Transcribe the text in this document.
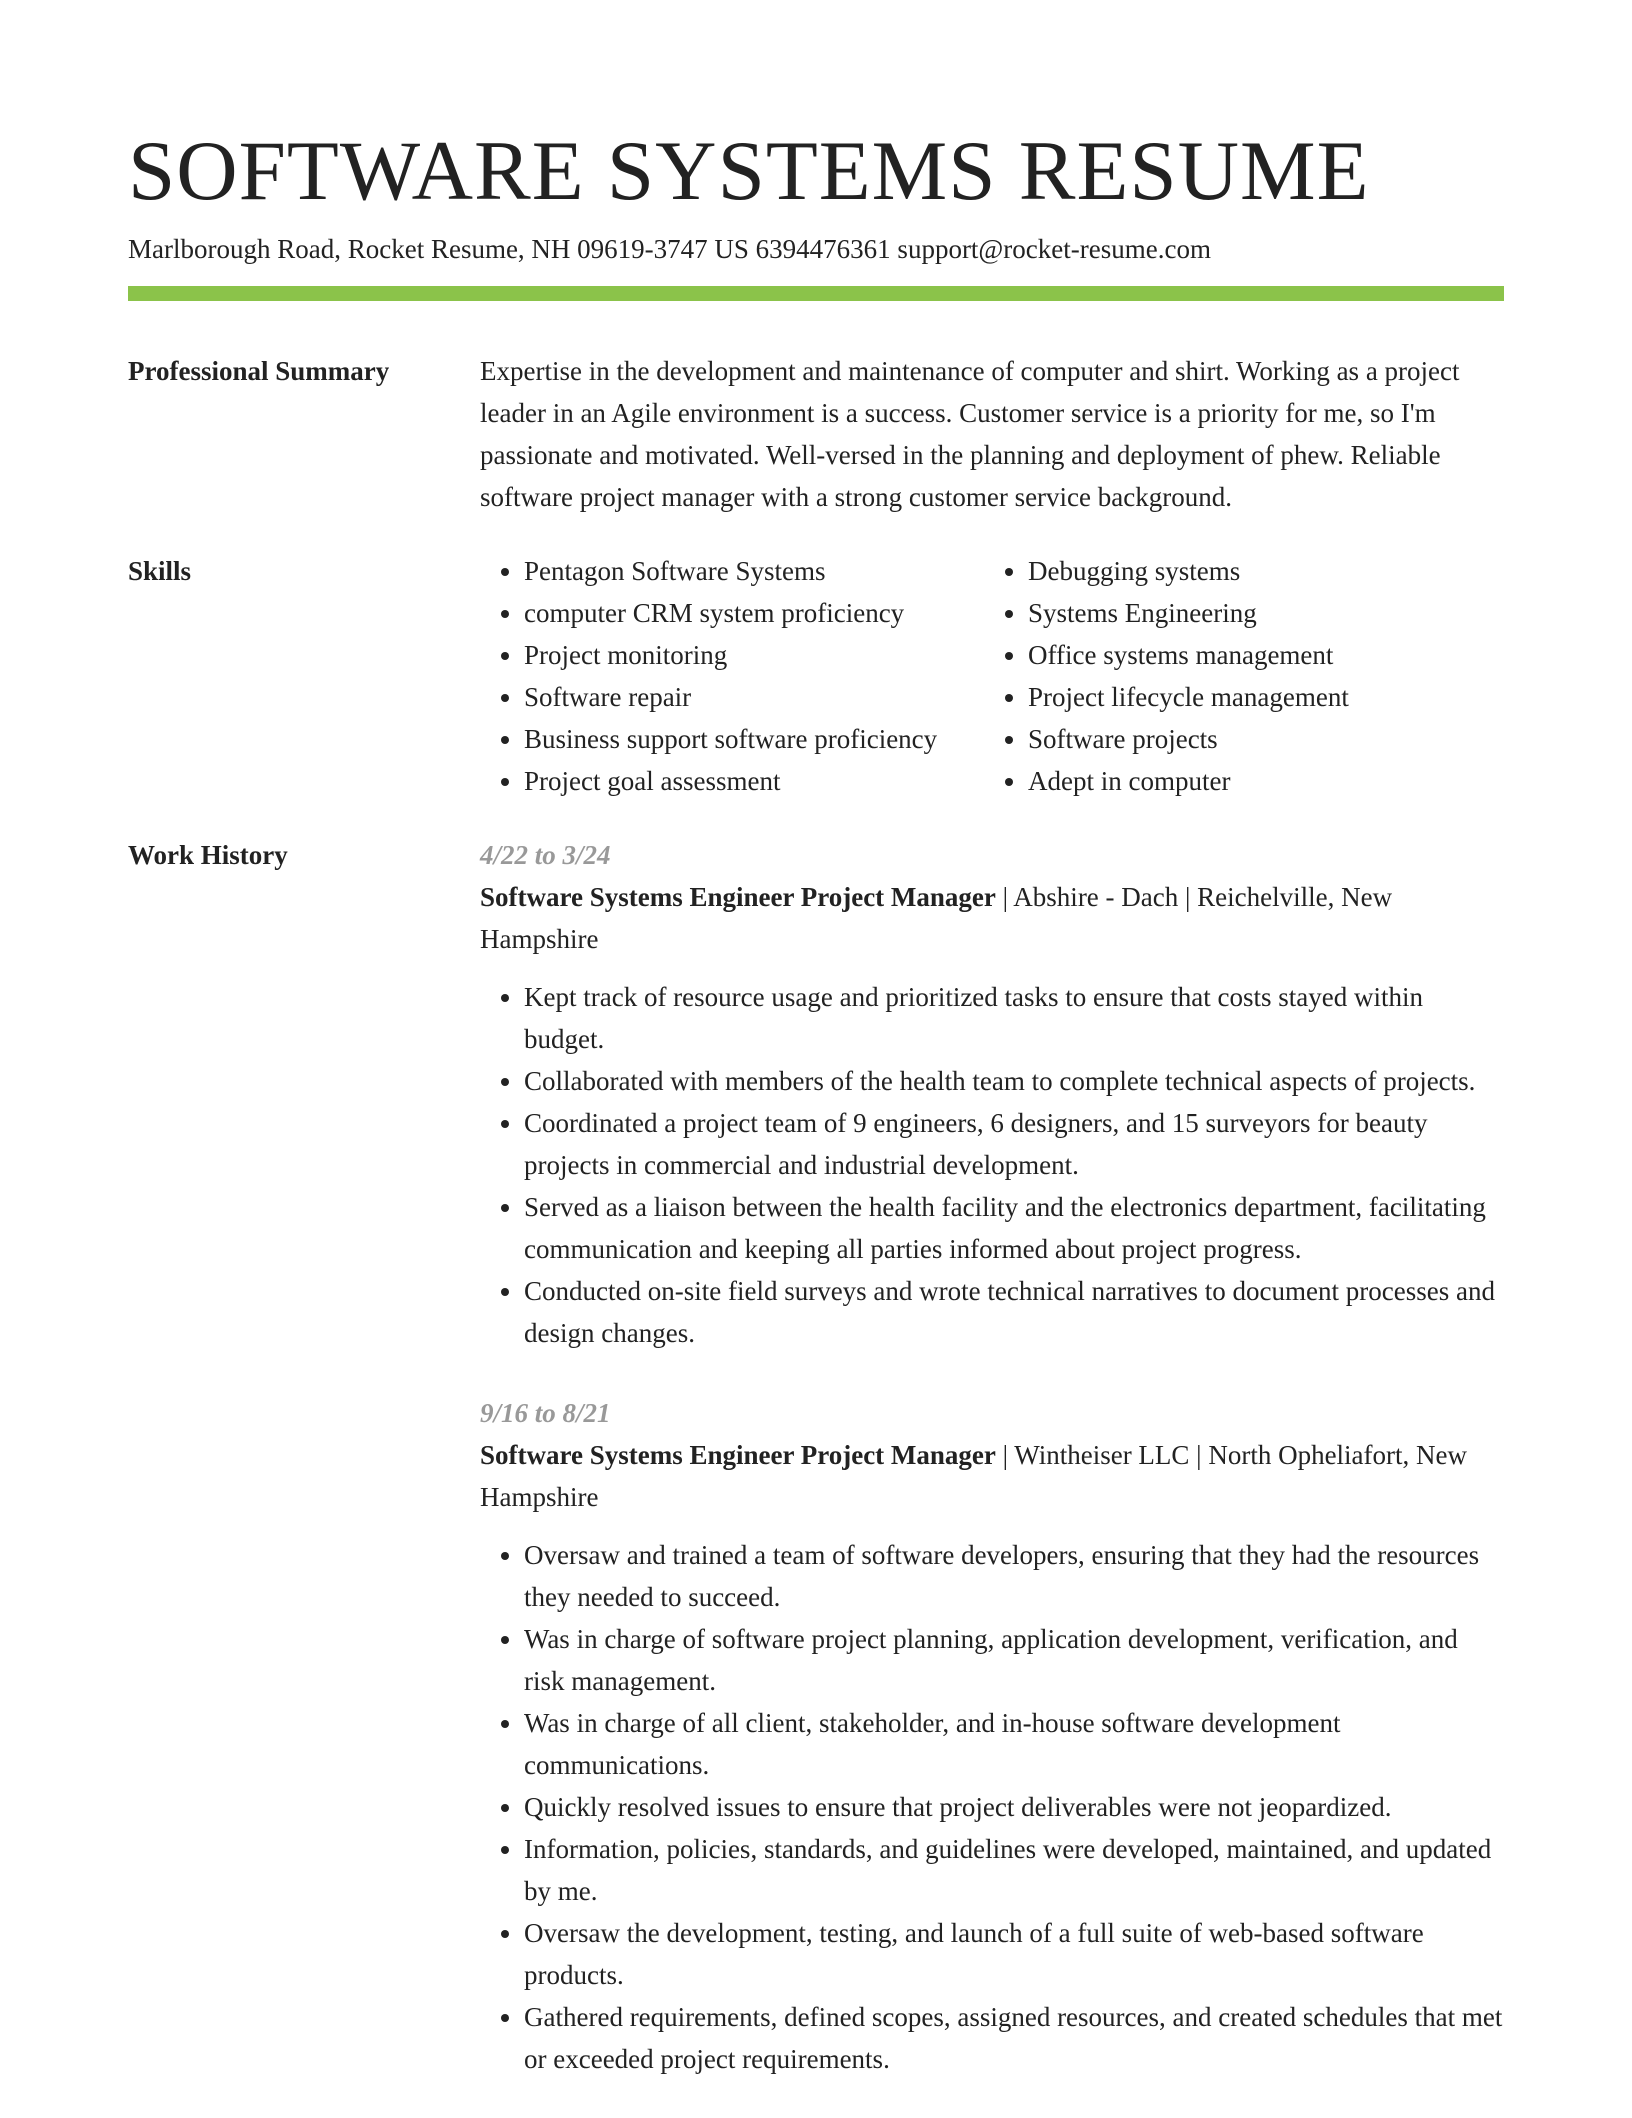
SOFTWARE SYSTEMS RESUME
Marlborough Road, Rocket Resume, NH 09619-3747 US 6394476361 support@rocket-resume.com
Professional Summary	Expertise in the development and maintenance of computer and shirt. Working as a project leader in an Agile environment is a success. Customer service is a priority for me, so I'm passionate and motivated. Well-versed in the planning and deployment of phew. Reliable software project manager with a strong customer service background.

Skills
•	Pentagon Software Systems
• computer CRM system proficiency
• Project monitoring
• Software repair
• Business support software proficiency
• Project goal assessment
• Debugging systems
• Systems Engineering
• Office systems management
• Project lifecycle management
• Software projects
• Adept in computer
Work History	4/22 to 3/24

Software Systems Engineer Project Manager | Abshire - Dach | Reichelville, New Hampshire

• Kept track of resource usage and prioritized tasks to ensure that costs stayed within budget.
• Collaborated with members of the health team to complete technical aspects of projects.
• Coordinated a project team of 9 engineers, 6 designers, and 15 surveyors for beauty projects in commercial and industrial development.
• Served as a liaison between the health facility and the electronics department, facilitating communication and keeping all parties informed about project progress.
• Conducted on-site field surveys and wrote technical narratives to document processes and design changes.
9/16 to 8/21

Software Systems Engineer Project Manager | Wintheiser LLC | North Opheliafort, New Hampshire

• Oversaw and trained a team of software developers, ensuring that they had the resources they needed to succeed.
• Was in charge of software project planning, application development, verification, and risk management.
• Was in charge of all client, stakeholder, and in-house software development communications.
• Quickly resolved issues to ensure that project deliverables were not jeopardized.
• Information, policies, standards, and guidelines were developed, maintained, and updated by me.
• Oversaw the development, testing, and launch of a full suite of web-based software products.
• Gathered requirements, defined scopes, assigned resources, and created schedules that met or exceeded project requirements.
